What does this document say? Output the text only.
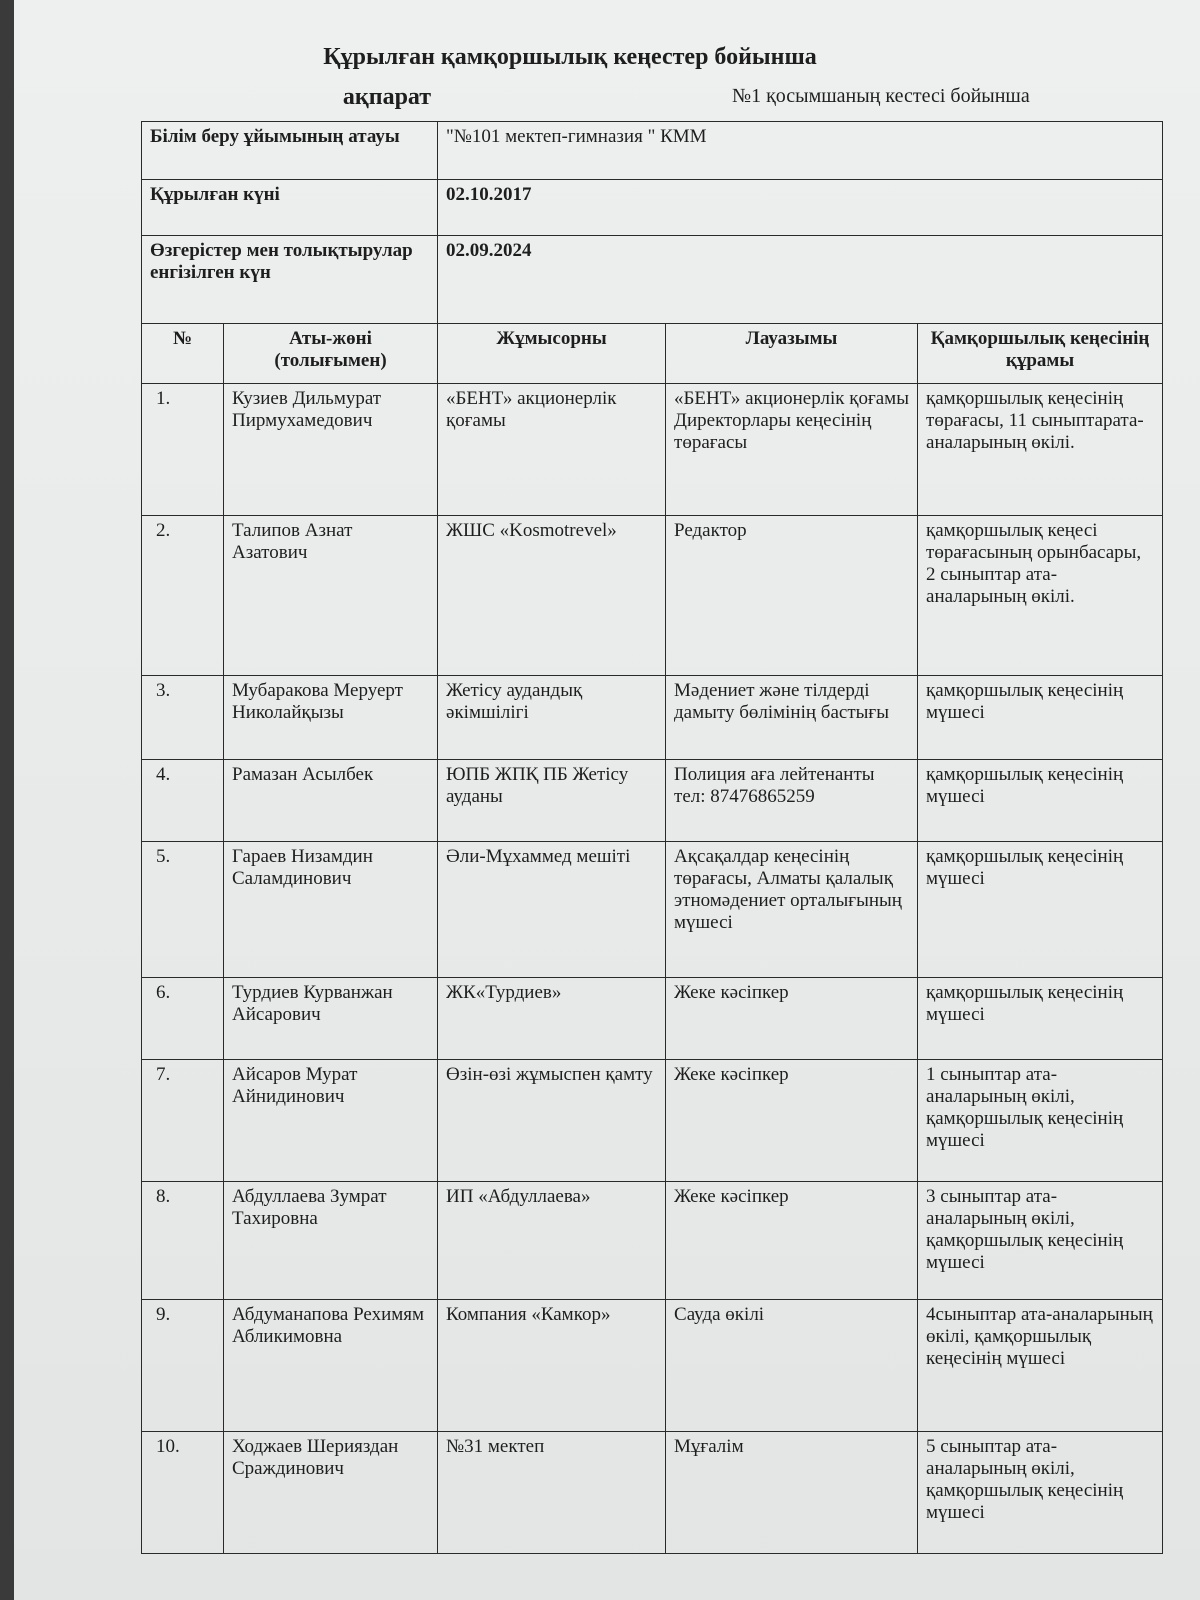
Құрылған қамқоршылық кеңестер бойынша
ақпарат	№1 қосымшаның кестесі бойынша
Білім беру ұйымының атауы		"№101 мектеп-гимназия " КММ		
Құрылған күні		02.10.2017		
Өзгерістер мен толықтырулар енгізілген күн		02.09.2024		
№	Аты-жөні (толығымен)	Жұмысорны	Лауазымы	Қамқоршылық кеңесінің құрамы
1.	Кузиев Дильмурат Пирмухамедович	«БЕНТ» акционерлік қоғамы	«БЕНТ» акционерлік қоғамы Директорлары кеңесінің төрағасы	қамқоршылық кеңесінің төрағасы, 11 сыныптарата-аналарының өкілі.
2.	Талипов Азнат Азатович	ЖШС «Kosmotrevel»	Редактор	қамқоршылық кеңесі төрағасының орынбасары, 2 сыныптар ата-аналарының өкілі.
3.	Мубаракова Меруерт Николайқызы	Жетісу аудандық әкімшілігі	Мәдениет және тілдерді дамыту бөлімінің бастығы	қамқоршылық кеңесінің мүшесі
4.	Рамазан Асылбек	ЮПБ ЖПҚ ПБ Жетісу ауданы	Полиция аға лейтенанты тел: 87476865259	қамқоршылық кеңесінің мүшесі
5.	Гараев Низамдин Саламдинович	Әли-Мұхаммед мешіті	Ақсақалдар кеңесінің төрағасы, Алматы қалалық этномәдениет орталығының мүшесі	қамқоршылық кеңесінің мүшесі
6.	Турдиев Курванжан Айсарович	ЖК«Турдиев»	Жеке кәсіпкер	қамқоршылық кеңесінің мүшесі
7.	Айсаров Мурат Айнидинович	Өзін-өзі жұмыспен қамту	Жеке кәсіпкер	1 сыныптар ата-аналарының өкілі, қамқоршылық кеңесінің мүшесі
8.	Абдуллаева Зумрат Тахировна	ИП «Абдуллаева»	Жеке кәсіпкер	3 сыныптар ата-аналарының өкілі, қамқоршылық кеңесінің мүшесі
9.	Абдуманапова Рехимям Абликимовна	Компания «Камкор»	Сауда өкілі	4сыныптар ата-аналарының өкілі, қамқоршылық кеңесінің мүшесі
10.	Ходжаев Шерияздан Сраждинович	№31 мектеп	Мұғалім	5 сыныптар ата-аналарының өкілі, қамқоршылық кеңесінің мүшесі
